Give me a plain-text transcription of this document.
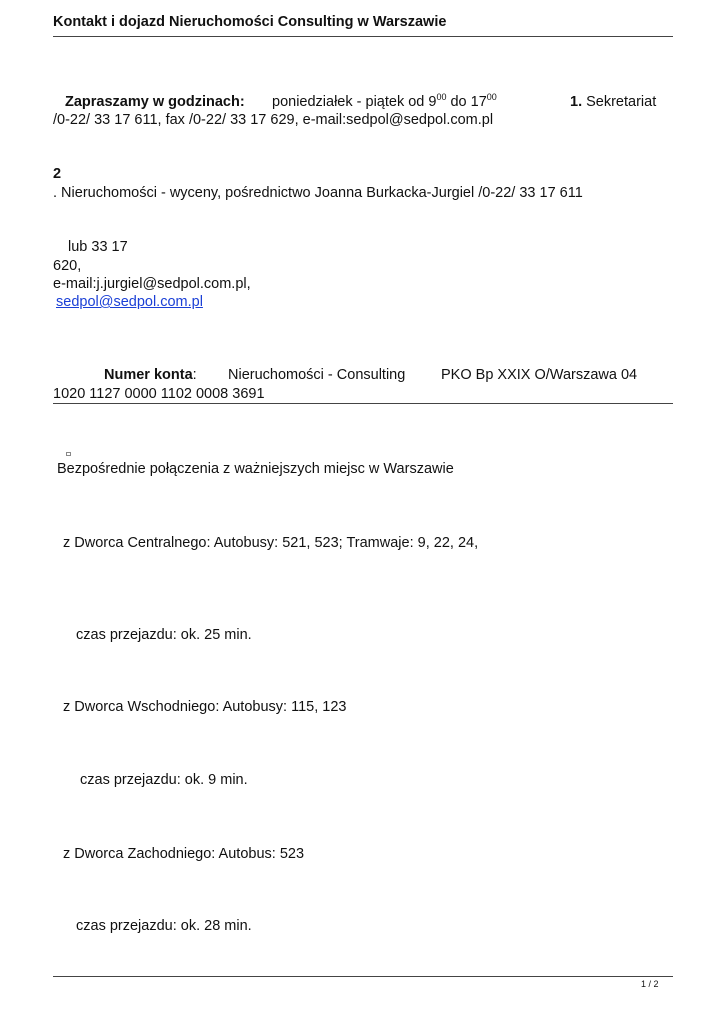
Kontakt i dojazd Nieruchomości Consulting w Warszawie
Zapraszamy w godzinach: poniedziałek - piątek od $9^{00}$ do $17^{00}$	1. Sekretariat
/0-22/ 33 17 611, fax /0-22/ 33 17 629, e-mail:sedpol@sedpol.com.pl
2
. Nieruchomości - wyceny, pośrednictwo Joanna Burkacka-Jurgiel /0-22/ 33 17 611
lub 33 17
620,
e-mail:j.jurgiel@sedpol.com.pl,
sedpol@sedpol.com.pl
Numer konta: Nieruchomości - Consulting PKO Bp XXIX O/Warszawa 04
1020 1127 0000 1102 0008 3691
Bezpośrednie połączenia z ważniejszych miejsc w Warszawie
z Dworca Centralnego: Autobusy: 521, 523; Tramwaje: 9, 22, 24,
czas przejazdu: ok. 25 min.
z Dworca Wschodniego: Autobusy: 115, 123
czas przejazdu: ok. 9 min.
z Dworca Zachodniego: Autobus: 523
czas przejazdu: ok. 28 min.
1 / 2
